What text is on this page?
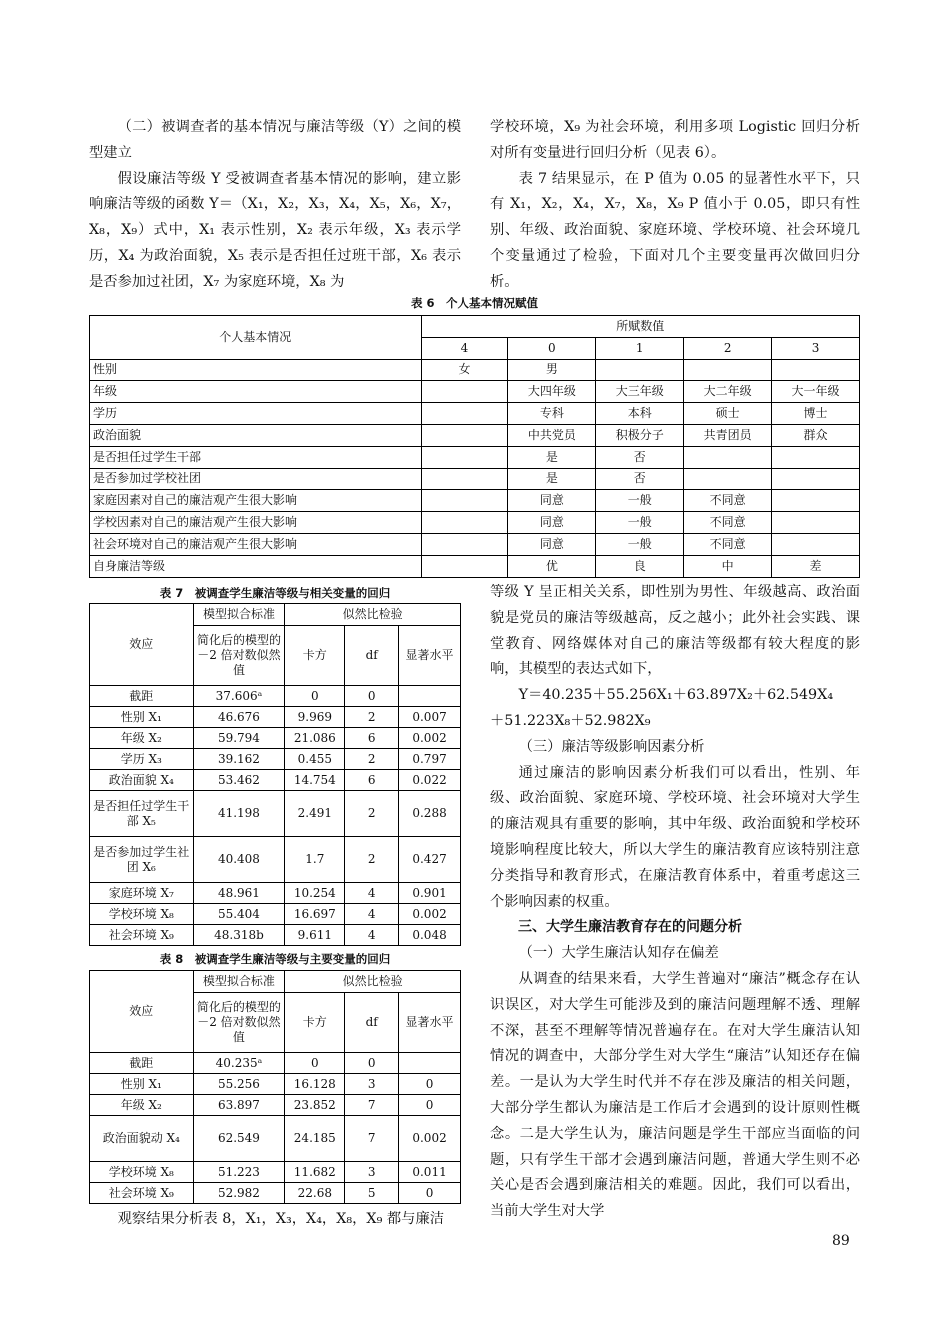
（二）被调查者的基本情况与廉洁等级（Y）之间的模型建立

假设廉洁等级 Y 受被调查者基本情况的影响，建立影响廉洁等级的函数 Y＝（X₁，X₂，X₃，X₄，X₅，X₆，X₇，X₈，X₉）式中，X₁ 表示性别，X₂ 表示年级，X₃ 表示学历，X₄ 为政治面貌，X₅ 表示是否担任过班干部，X₆ 表示是否参加过社团，X₇ 为家庭环境，X₈ 为

学校环境，X₉ 为社会环境，利用多项 Logistic 回归分析对所有变量进行回归分析（见表 6）。

表 7 结果显示，在 P 值为 0.05 的显著性水平下，只有 X₁，X₂，X₄，X₇，X₈，X₉ P 值小于 0.05，即只有性别、年级、政治面貌、家庭环境、学校环境、社会环境几个变量通过了检验，下面对几个主要变量再次做回归分析。

表 6　个人基本情况赋值
个人基本情况	所赋数值				
	4	0	1	2	3
性别	女	男			
年级		大四年级	大三年级	大二年级	大一年级
学历		专科	本科	硕士	博士
政治面貌		中共党员	积极分子	共青团员	群众
是否担任过学生干部		是	否		
是否参加过学校社团		是	否		
家庭因素对自己的廉洁观产生很大影响		同意	一般	不同意	
学校因素对自己的廉洁观产生很大影响		同意	一般	不同意	
社会环境对自己的廉洁观产生很大影响		同意	一般	不同意	
自身廉洁等级		优	良	中	差
表 7　被调查学生廉洁等级与相关变量的回归
效应	模型拟合标准	似然比检验		
	简化后的模型的－2 倍对数似然值	卡方	df	显著水平
截距	37.606ᵃ	0	0	
性别 X₁	46.676	9.969	2	0.007
年级 X₂	59.794	21.086	6	0.002
学历 X₃	39.162	0.455	2	0.797
政治面貌 X₄	53.462	14.754	6	0.022
是否担任过学生干部 X₅	41.198	2.491	2	0.288
是否参加过学生社团 X₆	40.408	1.7	2	0.427
家庭环境 X₇	48.961	10.254	4	0.901
学校环境 X₈	55.404	16.697	4	0.002
社会环境 X₉	48.318b	9.611	4	0.048
表 8　被调查学生廉洁等级与主要变量的回归
效应	模型拟合标准	似然比检验		
	简化后的模型的－2 倍对数似然值	卡方	df	显著水平
截距	40.235ᵃ	0	0	
性别 X₁	55.256	16.128	3	0
年级 X₂	63.897	23.852	7	0
政治面貌动 X₄	62.549	24.185	7	0.002
学校环境 X₈	51.223	11.682	3	0.011
社会环境 X₉	52.982	22.68	5	0

观察结果分析表 8，X₁，X₃，X₄，X₈，X₉ 都与廉洁

等级 Y 呈正相关关系，即性别为男性、年级越高、政治面貌是党员的廉洁等级越高，反之越小；此外社会实践、课堂教育、网络媒体对自己的廉洁等级都有较大程度的影响，其模型的表达式如下，

Y＝40.235＋55.256X₁＋63.897X₂＋62.549X₄

＋51.223X₈＋52.982X₉

（三）廉洁等级影响因素分析

通过廉洁的影响因素分析我们可以看出，性别、年级、政治面貌、家庭环境、学校环境、社会环境对大学生的廉洁观具有重要的影响，其中年级、政治面貌和学校环境影响程度比较大，所以大学生的廉洁教育应该特别注意分类指导和教育形式，在廉洁教育体系中，着重考虑这三个影响因素的权重。

三、大学生廉洁教育存在的问题分析

（一）大学生廉洁认知存在偏差

从调查的结果来看，大学生普遍对“廉洁”概念存在认识误区，对大学生可能涉及到的廉洁问题理解不透、理解不深，甚至不理解等情况普遍存在。在对大学生廉洁认知情况的调查中，大部分学生对大学生“廉洁”认知还存在偏差。一是认为大学生时代并不存在涉及廉洁的相关问题，大部分学生都认为廉洁是工作后才会遇到的设计原则性概念。二是大学生认为，廉洁问题是学生干部应当面临的问题，只有学生干部才会遇到廉洁问题，普通大学生则不必关心是否会遇到廉洁相关的难题。因此，我们可以看出，当前大学生对大学

89
